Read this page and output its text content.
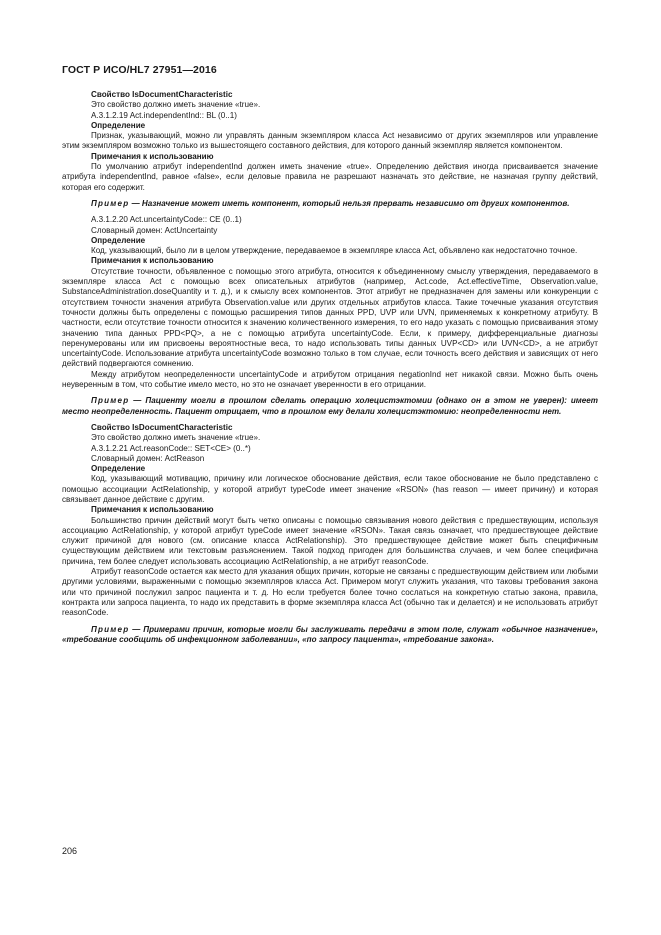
ГОСТ Р ИСО/HL7 27951—2016

Свойство IsDocumentCharacteristic

Это свойство должно иметь значение «true».

A.3.1.2.19 Act.independentInd:: BL (0..1)

Определение

Признак, указывающий, можно ли управлять данным экземпляром класса Act независимо от других экземпляров или управление этим экземпляром возможно только из вышестоящего составного действия, для которого данный экземпляр является компонентом.

Примечания к использованию

По умолчанию атрибут independentInd должен иметь значение «true». Определению действия иногда присваивается значение атрибута independentInd, равное «false», если деловые правила не разрешают назначать это действие, не назначая группу действий, которая его содержит.

Пример — Назначение может иметь компонент, который нельзя прервать независимо от других компонентов.

A.3.1.2.20 Act.uncertaintyCode:: CE (0..1)

Словарный домен: ActUncertainty

Определение

Код, указывающий, было ли в целом утверждение, передаваемое в экземпляре класса Act, объявлено как недостаточно точное.

Примечания к использованию

Отсутствие точности, объявленное с помощью этого атрибута, относится к объединенному смыслу утверждения, передаваемого в экземпляре класса Act с помощью всех описательных атрибутов (например, Act.code, Act.effectiveTime, Observation.value, SubstanceAdministration.doseQuantity и т. д.), и к смыслу всех компонентов. Этот атрибут не предназначен для замены или конкуренции с отсутствием точности значения атрибута Observation.value или других отдельных атрибутов класса. Такие точечные указания отсутствия точности должны быть определены с помощью расширения типов данных PPD, UVP или UVN, применяемых к конкретному атрибуту. В частности, если отсутствие точности относится к значению количественного измерения, то его надо указать с помощью присваивания этому значению типа данных PPD<PQ>, а не с помощью атрибута uncertaintyCode. Если, к примеру, дифференциальные диагнозы перенумерованы или им присвоены вероятностные веса, то надо использовать типы данных UVP<CD> или UVN<CD>, а не атрибут uncertaintyCode. Использование атрибута uncertaintyCode возможно только в том случае, если точность всего действия и зависящих от него действий подвергаются сомнению.

Между атрибутом неопределенности uncertaintyCode и атрибутом отрицания negationInd нет никакой связи. Можно быть очень неуверенным в том, что событие имело место, но это не означает уверенности в его отрицании.

Пример — Пациенту могли в прошлом сделать операцию холецистэктомии (однако он в этом не уверен): имеет место неопределенность. Пациент отрицает, что в прошлом ему делали холецистэктомию: неопределенности нет.

Свойство IsDocumentCharacteristic

Это свойство должно иметь значение «true».

A.3.1.2.21 Act.reasonCode:: SET<CE> (0..*)

Словарный домен: ActReason

Определение

Код, указывающий мотивацию, причину или логическое обоснование действия, если такое обоснование не было представлено с помощью ассоциации ActRelationship, у которой атрибут typeCode имеет значение «RSON» (has reason — имеет причину) и которая связывает данное действие с другим.

Примечания к использованию

Большинство причин действий могут быть четко описаны с помощью связывания нового действия с предшествующим, используя ассоциацию ActRelationship, у которой атрибут typeCode имеет значение «RSON». Такая связь означает, что предшествующее действие служит причиной для нового (см. описание класса ActRelationship). Это предшествующее действие может быть специфичным существующим действием или текстовым разъяснением. Такой подход пригоден для большинства случаев, и чем более специфична причина, тем более следует использовать ассоциацию ActRelationship, а не атрибут reasonCode.

Атрибут reasonCode остается как место для указания общих причин, которые не связаны с предшествующим действием или любыми другими условиями, выраженными с помощью экземпляров класса Act. Примером могут служить указания, что таковы требования закона или что причиной послужил запрос пациента и т. д. Но если требуется более точно сослаться на конкретную статью закона, правила, контракта или запроса пациента, то надо их представить в форме экземпляра класса Act (обычно так и делается) и не использовать атрибут reasonCode.

Пример — Примерами причин, которые могли бы заслуживать передачи в этом поле, служат «обычное назначение», «требование сообщить об инфекционном заболевании», «по запросу пациента», «требование закона».

206
